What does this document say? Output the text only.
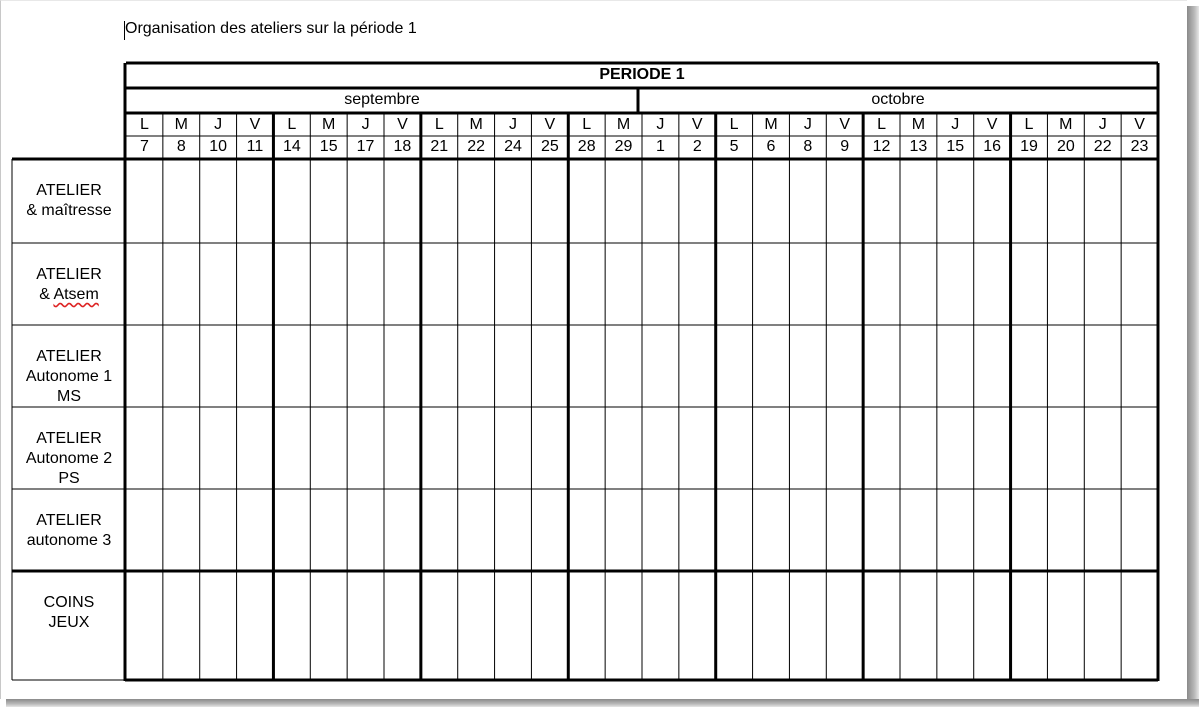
Organisation des ateliers sur la période 1
PERIODE 1
septembre	octobre
L
7
M
8
J
10
V
11
L
14
M
15
J
17
V
18
L
21
M
22
J
24
V
25
L
28
M
29
J
1
V
2
L
5
M
6
J
8
V
9
L
12
M
13
J
15
V
16
L
19
M
20
J
22
V
23
ATELIER
& maîtresse
ATELIER
& Atsem
ATELIER
Autonome 1
MS
ATELIER
Autonome 2
PS
ATELIER
autonome 3
COINS
JEUX
